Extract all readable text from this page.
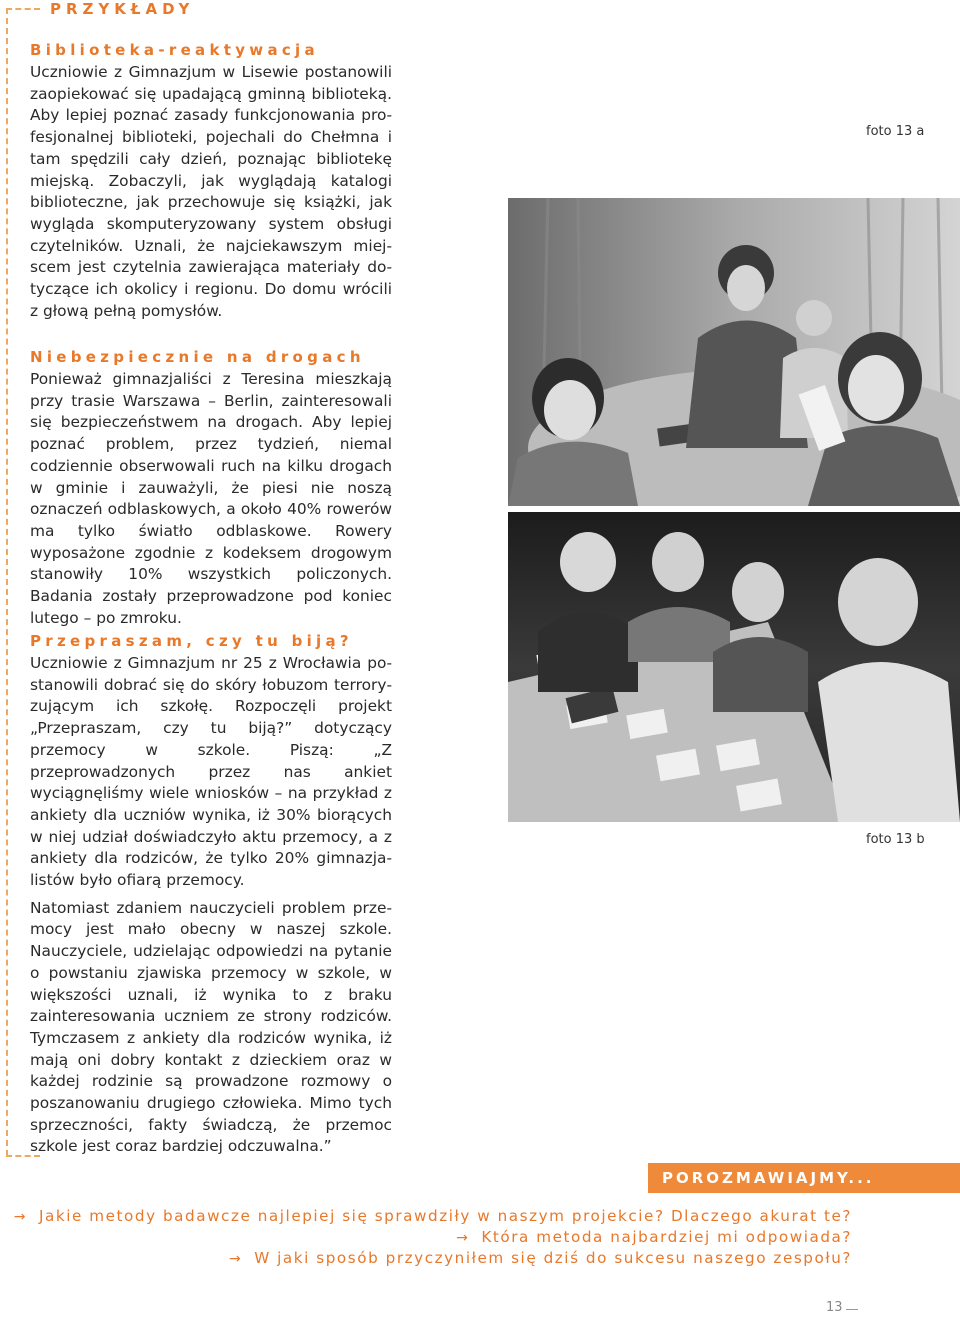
PRZYKŁADY
Biblioteka-reaktywacja

Uczniowie z Gimnazjum w Lisewie postanowili zaopiekować się upadającą gminną biblioteką. Aby lepiej poznać zasady funkcjonowania profesjonalnej biblioteki, pojechali do Chełmna i tam spędzili cały dzień, poznając bibliotekę miejską. Zobaczyli, jak wyglądają katalogi biblioteczne, jak przechowuje się książki, jak wygląda skomputeryzowany system obsługi czytelników. Uznali, że najciekawszym miejscem jest czytelnia zawierająca materiały dotyczące ich okolicy i regionu. Do domu wrócili z głową pełną pomysłów.

Niebezpiecznie na drogach

Ponieważ gimnazjaliści z Teresina mieszkają przy trasie Warszawa – Berlin, zainteresowali się bezpieczeństwem na drogach. Aby lepiej poznać problem, przez tydzień, niemal codziennie obserwowali ruch na kilku drogach w gminie i zauważyli, że piesi nie noszą oznaczeń odblaskowych, a około 40% rowerów ma tylko światło odblaskowe. Rowery wyposażone zgodnie z kodeksem drogowym stanowiły 10% wszystkich policzonych. Badania zostały przeprowadzone pod koniec lutego – po zmroku.

Przepraszam, czy tu biją?

Uczniowie z Gimnazjum nr 25 z Wrocławia postanowili dobrać się do skóry łobuzom terroryzującym ich szkołę. Rozpoczęli projekt „Przepraszam, czy tu biją?” dotyczący przemocy w szkole. Piszą: „Z przeprowadzonych przez nas ankiet wyciągnęliśmy wiele wniosków – na przykład z ankiety dla uczniów wynika, iż 30% biorących w niej udział doświadczyło aktu przemocy, a z ankiety dla rodziców, że tylko 20% gimnazjalistów było ofiarą przemocy.

Natomiast zdaniem nauczycieli problem przemocy jest mało obecny w naszej szkole. Nauczyciele, udzielając odpowiedzi na pytanie o powstaniu zjawiska przemocy w szkole, w większości uznali, iż wynika to z braku zainteresowania uczniem ze strony rodziców. Tymczasem z ankiety dla rodziców wynika, iż mają oni dobry kontakt z dzieckiem oraz w każdej rodzinie są prowadzone rozmowy o poszanowaniu drugiego człowieka. Mimo tych sprzeczności, fakty świadczą, że przemoc szkole jest coraz bardziej odczuwalna.”

foto 13 a
foto 13 b
POROZMAWIAJMY...
→ Jakie metody badawcze najlepiej się sprawdziły w naszym projekcie? Dlaczego akurat te?
→ Która metoda najbardziej mi odpowiada?
→ W jaki sposób przyczyniłem się dziś do sukcesu naszego zespołu?
13
